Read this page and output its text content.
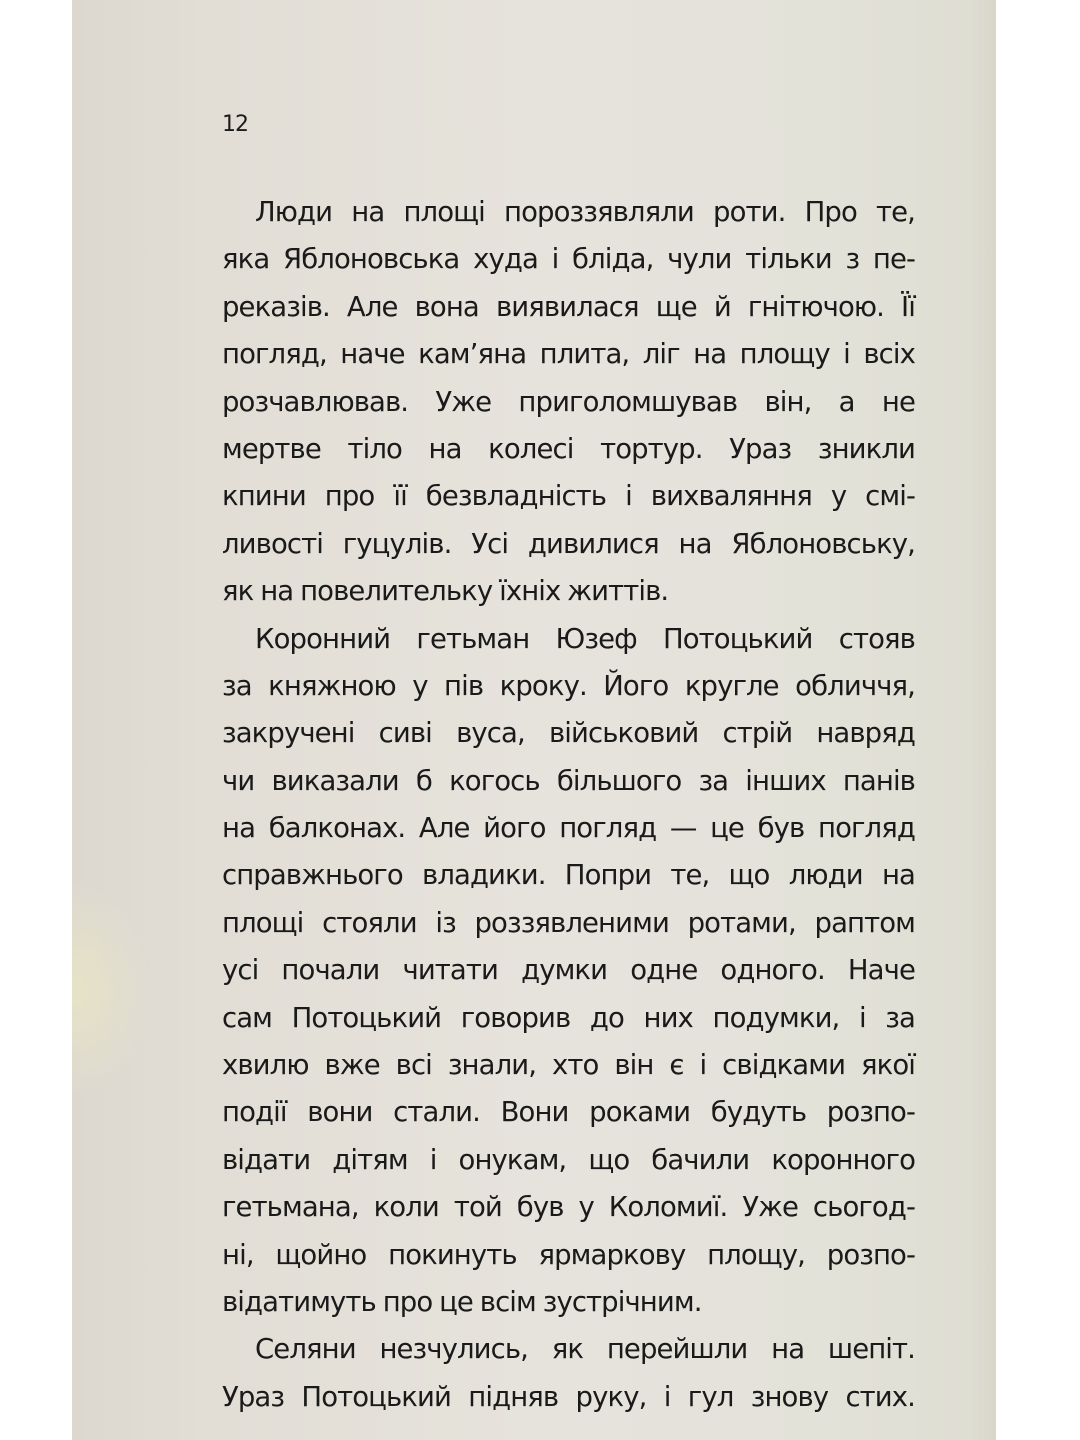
12
Люди на площі пороззявляли роти. Про те,
яка Яблоновська худа і бліда, чули тільки з пе-
реказів. Але вона виявилася ще й гнітючою. Її
погляд, наче кам’яна плита, ліг на площу і всіх
розчавлював. Уже приголомшував він, а не
мертве тіло на колесі тортур. Ураз зникли
кпини про її безвладність і вихваляння у смі-
ливості гуцулів. Усі дивилися на Яблоновську,
як на повелительку їхніх життів.
Коронний гетьман Юзеф Потоцький стояв
за княжною у пів кроку. Його кругле обличчя,
закручені сиві вуса, військовий стрій навряд
чи виказали б когось більшого за інших панів
на балконах. Але його погляд — це був погляд
справжнього владики. Попри те, що люди на
площі стояли із роззявленими ротами, раптом
усі почали читати думки одне одного. Наче
сам Потоцький говорив до них подумки, і за
хвилю вже всі знали, хто він є і свідками якої
події вони стали. Вони роками будуть розпо-
відати дітям і онукам, що бачили коронного
гетьмана, коли той був у Коломиї. Уже сьогод-
ні, щойно покинуть ярмаркову площу, розпо-
відатимуть про це всім зустрічним.
Селяни незчулись, як перейшли на шепіт.
Ураз Потоцький підняв руку, і гул знову стих.
